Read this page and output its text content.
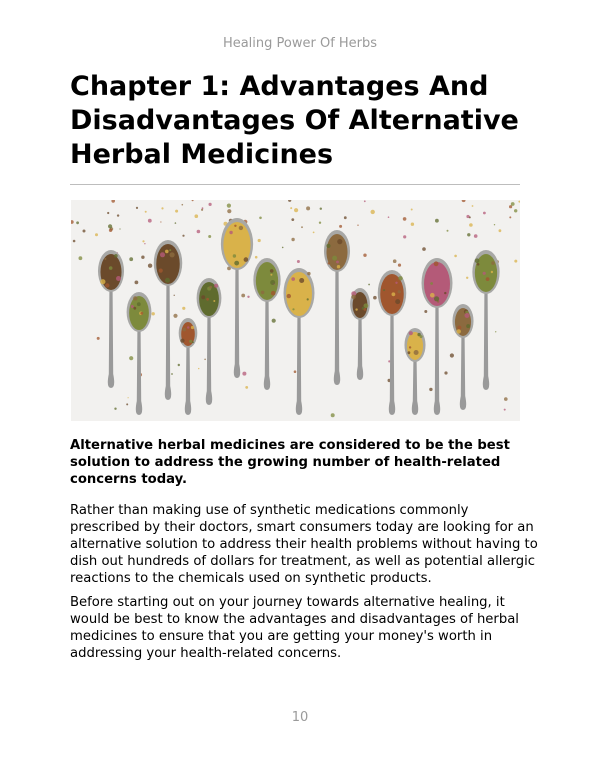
Healing Power Of Herbs
Chapter 1: Advantages And Disadvantages Of Alternative Herbal Medicines

Alternative herbal medicines are considered to be the best solution to address the growing number of health-related concerns today.

Rather than making use of synthetic medications commonly prescribed by their doctors, smart consumers today are looking for an alternative solution to address their health problems without having to dish out hundreds of dollars for treatment, as well as potential allergic reactions to the chemicals used on synthetic products.

Before starting out on your journey towards alternative healing, it would be best to know the advantages and disadvantages of herbal medicines to ensure that you are getting your money's worth in addressing your health-related concerns.

10
